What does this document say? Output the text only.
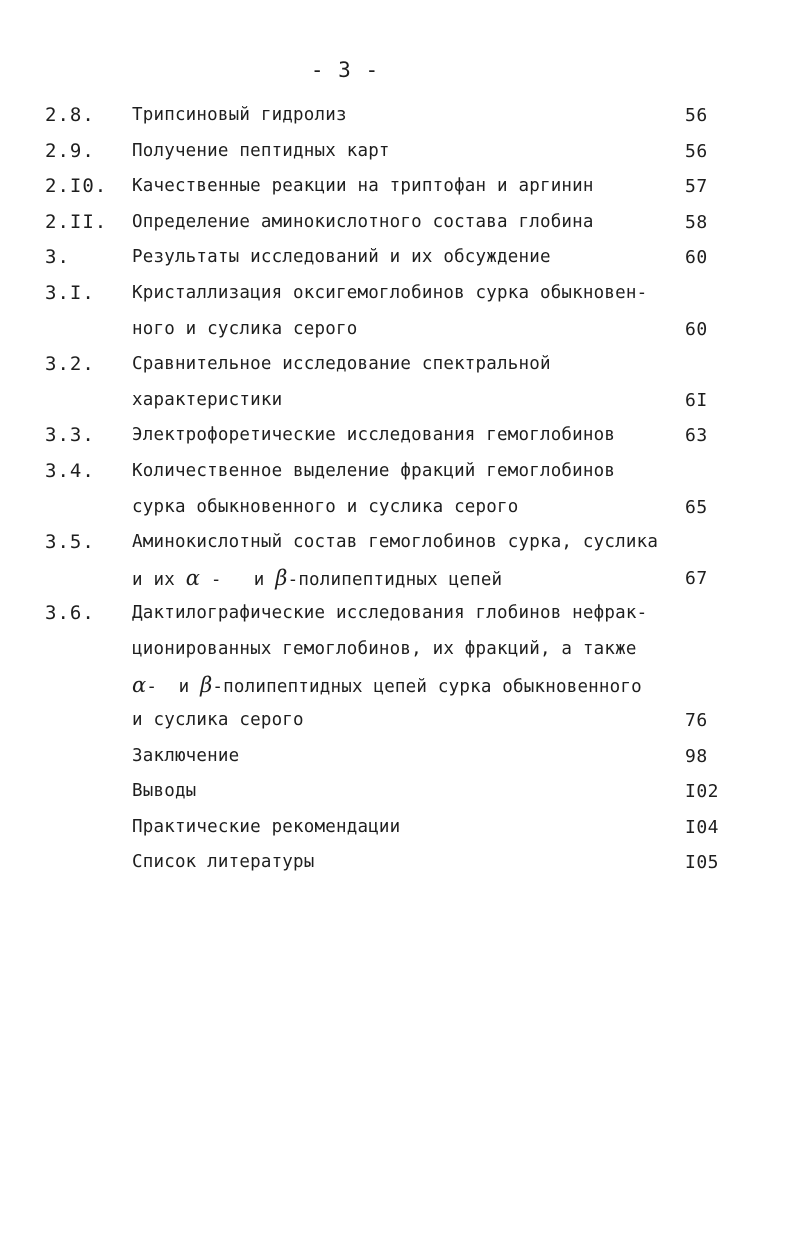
- 3 -
2.8. Трипсиновый гидролиз	56
2.9. Получение пептидных карт	56
2.I0. Качественные реакции на триптофан и аргинин	57
2.II. Определение аминокислотного состава глобина	58
3.	Результаты исследований и их обсуждение	60
3.I. Кристаллизация оксигемоглобинов сурка обыкновен-
ного и суслика серого	60
3.2. Сравнительное исследование спектральной
характеристики	6I
3.3. Электрофоретические исследования гемоглобинов	63
3.4. Количественное выделение фракций гемоглобинов
сурка обыкновенного и суслика серого	65
3.5. Аминокислотный состав гемоглобинов сурка, суслика
и их α -   и β-полипептидных цепей	67
3.6. Дактилографические исследования глобинов нефрак-
ционированных гемоглобинов, их фракций, а также
α-  и β-полипептидных цепей сурка обыкновенного
и суслика серого	76
Заключение	98
Выводы	I02
Практические рекомендации	I04
Список литературы	I05
